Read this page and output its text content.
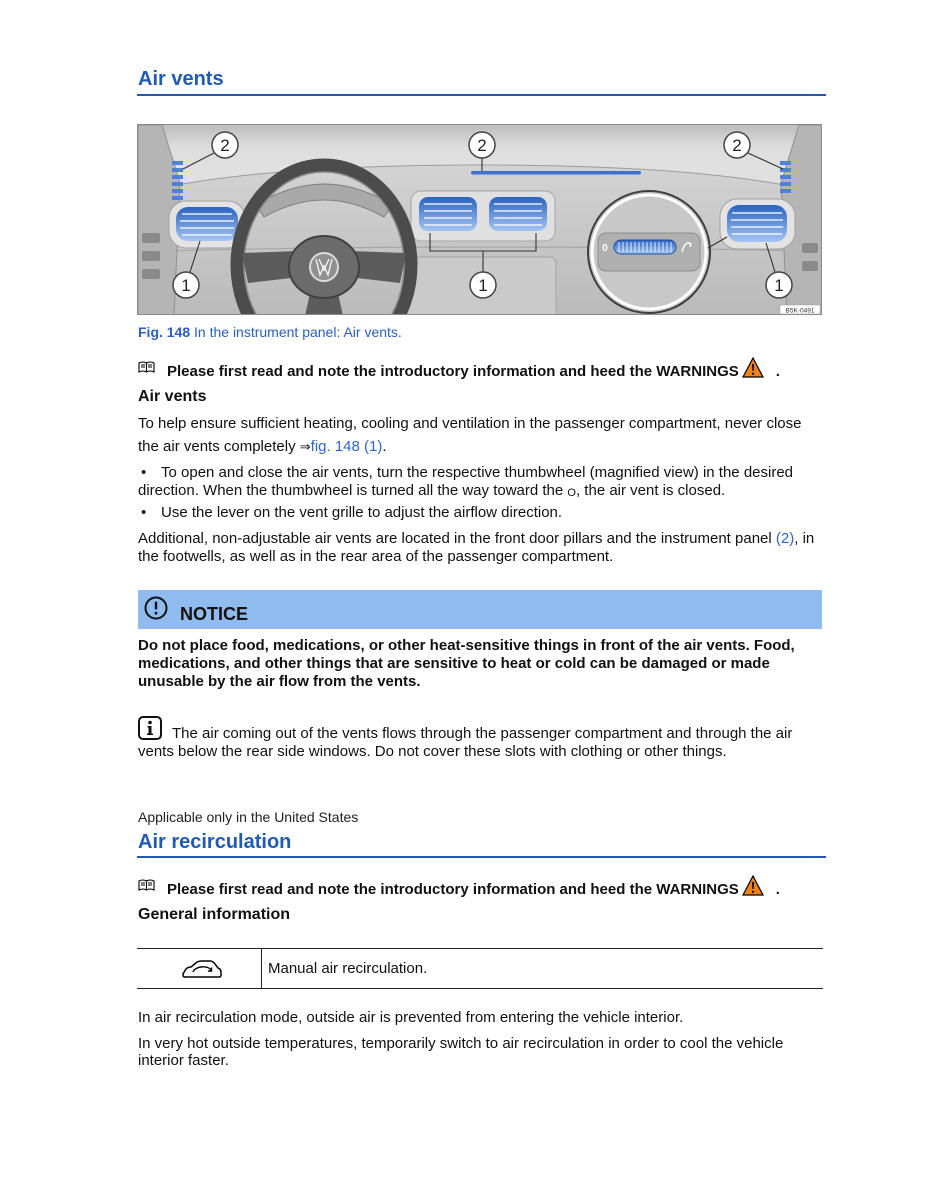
Air vents
0
2	2	2
1	1	1
B5K-0491
Fig. 148 In the instrument panel: Air vents.
Please first read and note the introductory information and heed the WARNINGS .
Air vents
To help ensure sufficient heating, cooling and ventilation in the passenger compartment, never close
the air vents completely ⇒fig. 148 (1).
• To open and close the air vents, turn the respective thumbwheel (magnified view) in the desired
direction. When the thumbwheel is turned all the way toward the O, the air vent is closed.
• Use the lever on the vent grille to adjust the airflow direction.
Additional, non-adjustable air vents are located in the front door pillars and the instrument panel (2), in
the footwells, as well as in the rear area of the passenger compartment.
NOTICE
Do not place food, medications, or other heat-sensitive things in front of the air vents. Food,
medications, and other things that are sensitive to heat or cold can be damaged or made
unusable by the air flow from the vents.
The air coming out of the vents flows through the passenger compartment and through the air
vents below the rear side windows. Do not cover these slots with clothing or other things.
Applicable only in the United States
Air recirculation
Please first read and note the introductory information and heed the WARNINGS .
General information
Manual air recirculation.
In air recirculation mode, outside air is prevented from entering the vehicle interior.
In very hot outside temperatures, temporarily switch to air recirculation in order to cool the vehicle
interior faster.
